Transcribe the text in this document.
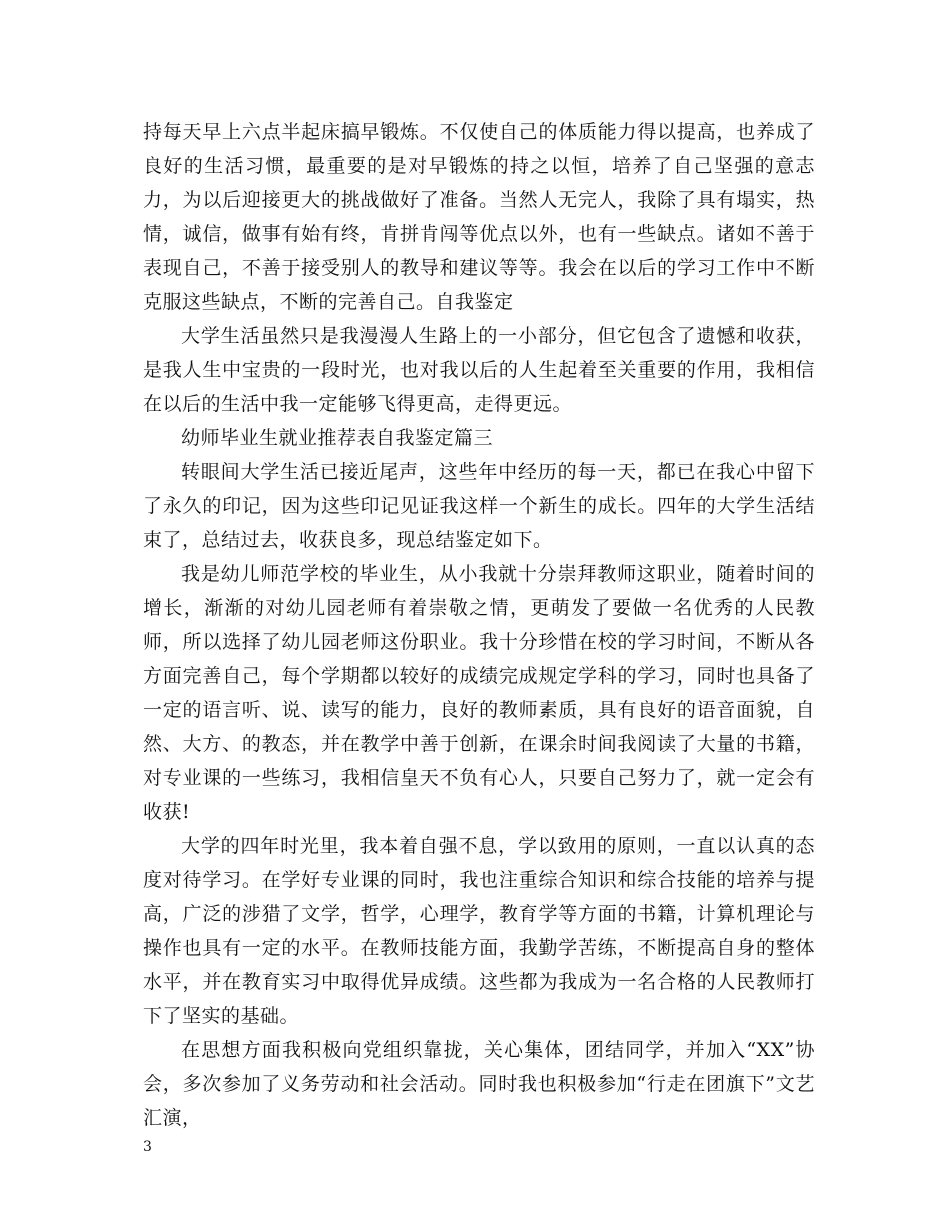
持每天早上六点半起床搞早锻炼。不仅使自己的体质能力得以提高，也养成了良好的生活习惯，最重要的是对早锻炼的持之以恒，培养了自己坚强的意志力，为以后迎接更大的挑战做好了准备。当然人无完人，我除了具有塌实，热情，诚信，做事有始有终，肯拼肯闯等优点以外，也有一些缺点。诸如不善于表现自己，不善于接受别人的教导和建议等等。我会在以后的学习工作中不断克服这些缺点，不断的完善自己。自我鉴定

大学生活虽然只是我漫漫人生路上的一小部分，但它包含了遗憾和收获，是我人生中宝贵的一段时光，也对我以后的人生起着至关重要的作用，我相信在以后的生活中我一定能够飞得更高，走得更远。

幼师毕业生就业推荐表自我鉴定篇三

转眼间大学生活已接近尾声，这些年中经历的每一天，都已在我心中留下了永久的印记，因为这些印记见证我这样一个新生的成长。四年的大学生活结束了，总结过去，收获良多，现总结鉴定如下。

我是幼儿师范学校的毕业生，从小我就十分崇拜教师这职业，随着时间的增长，渐渐的对幼儿园老师有着崇敬之情，更萌发了要做一名优秀的人民教师，所以选择了幼儿园老师这份职业。我十分珍惜在校的学习时间，不断从各方面完善自己，每个学期都以较好的成绩完成规定学科的学习，同时也具备了一定的语言听、说、读写的能力，良好的教师素质，具有良好的语音面貌，自然、大方、的教态，并在教学中善于创新，在课余时间我阅读了大量的书籍，对专业课的一些练习，我相信皇天不负有心人，只要自己努力了，就一定会有收获!

大学的四年时光里，我本着自强不息，学以致用的原则，一直以认真的态度对待学习。在学好专业课的同时，我也注重综合知识和综合技能的培养与提高，广泛的涉猎了文学，哲学，心理学，教育学等方面的书籍，计算机理论与操作也具有一定的水平。在教师技能方面，我勤学苦练，不断提高自身的整体水平，并在教育实习中取得优异成绩。这些都为我成为一名合格的人民教师打下了坚实的基础。

在思想方面我积极向党组织靠拢，关心集体，团结同学，并加入“XX”协会，多次参加了义务劳动和社会活动。同时我也积极参加“行走在团旗下”文艺汇演，

3
